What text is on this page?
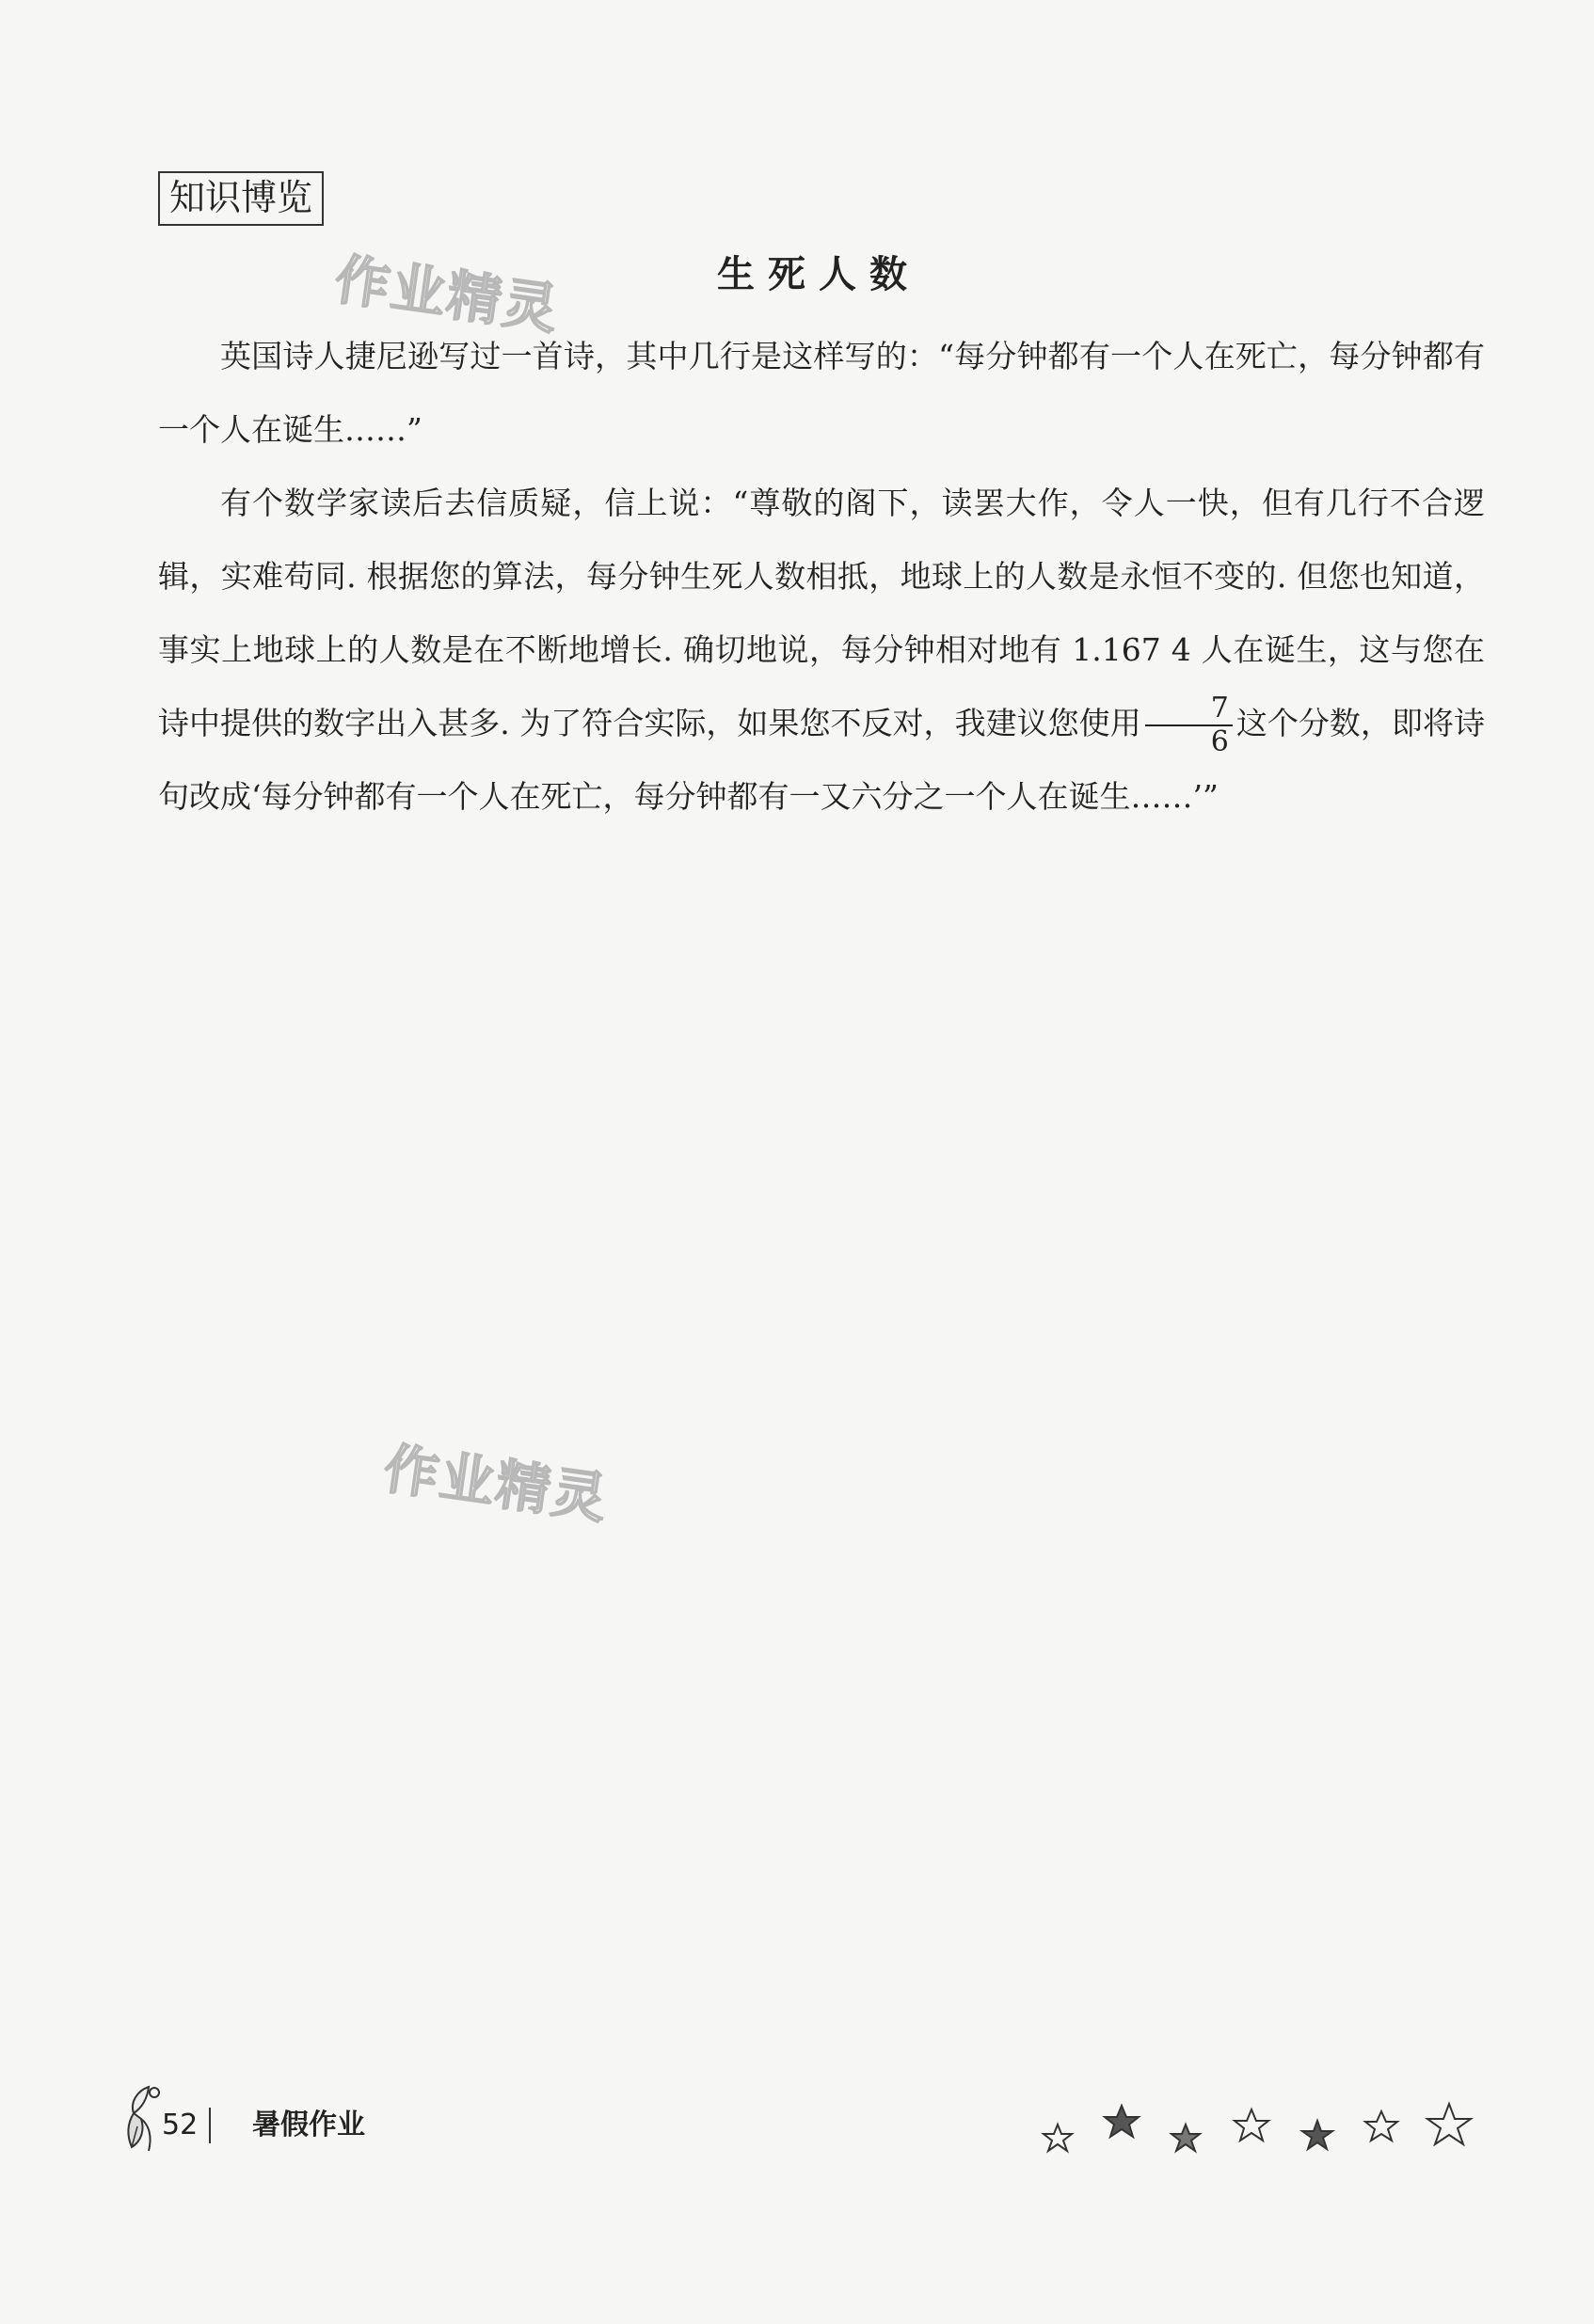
知识博览
作业精灵	生死人数

英国诗人捷尼逊写过一首诗，其中几行是这样写的：“每分钟都有一个人在死亡，每分钟都有一个人在诞生……”

有个数学家读后去信质疑，信上说：“尊敬的阁下，读罢大作，令人一快，但有几行不合逻辑，实难苟同. 根据您的算法，每分钟生死人数相抵，地球上的人数是永恒不变的. 但您也知道，事实上地球上的人数是在不断地增长. 确切地说，每分钟相对地有 1.167 4 人在诞生，这与您在诗中提供的数字出入甚多. 为了符合实际，如果您不反对，我建议您使用 $\frac{7}{6}$ 这个分数，即将诗句改成‘每分钟都有一个人在死亡，每分钟都有一又六分之一个人在诞生……’”

作业精灵
52	暑假作业
